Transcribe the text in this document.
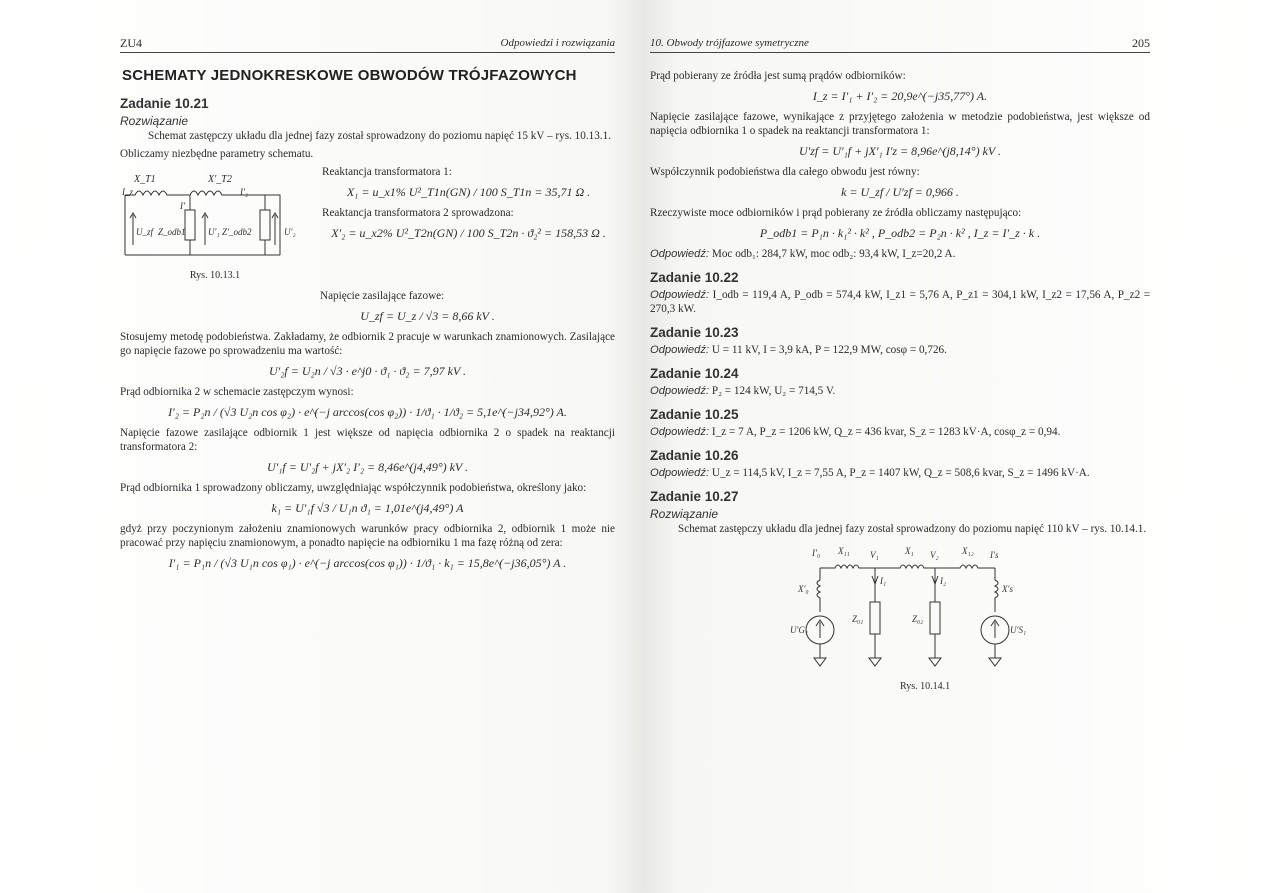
ZU4	Odpowiedzi i rozwiązania
SCHEMATY JEDNOKRESKOWE OBWODÓW TRÓJFAZOWYCH
Zadanie 10.21
Rozwiązanie

Schemat zastępczy układu dla jednej fazy został sprowadzony do poziomu napięć 15 kV – rys. 10.13.1.

Obliczamy niezbędne parametry schematu.

X_T1	X′_T2
I_z
I′
I′₂
U_zf Z_odb1 U′₁ Z′_odb2	U′₂
Rys. 10.13.1

Reaktancja transformatora 1:

X₁ = u_x1% U²_T1n(GN) / 100 S_T1n = 35,71 Ω .

Reaktancja transformatora 2 sprowadzona:

X′₂ = u_x2% U²_T2n(GN) / 100 S_T2n · ϑ₂² = 158,53 Ω .

Napięcie zasilające fazowe:

U_zf = U_z / √3 = 8,66 kV .

Stosujemy metodę podobieństwa. Zakładamy, że odbiornik 2 pracuje w warunkach znamionowych. Zasilające go napięcie fazowe po sprowadzeniu ma wartość:

U′₂f = U₂n / √3 · e^j0 · ϑ₁ · ϑ₂ = 7,97 kV .

Prąd odbiornika 2 w schemacie zastępczym wynosi:

I′₂ = P₂n / (√3 U₂n cos φ₂) · e^(−j arccos(cos φ₂)) · 1/ϑ₁ · 1/ϑ₂ = 5,1e^(−j34,92°) A.

Napięcie fazowe zasilające odbiornik 1 jest większe od napięcia odbiornika 2 o spadek na reaktancji transformatora 2:

U′₁f = U′₂f + jX′₂ I′₂ = 8,46e^(j4,49°) kV .

Prąd odbiornika 1 sprowadzony obliczamy, uwzględniając współczynnik podobieństwa, określony jako:

k₁ = U′₁f √3 / U₁n ϑ₁ = 1,01e^(j4,49°) A

gdyż przy poczynionym założeniu znamionowych warunków pracy odbiornika 2, odbiornik 1 może nie pracować przy napięciu znamionowym, a ponadto napięcie na odbiorniku 1 ma fazę różną od zera:

I′₁ = P₁n / (√3 U₁n cos φ₁) · e^(−j arccos(cos φ₁)) · 1/ϑ₁ · k₁ = 15,8e^(−j36,05°) A .
10. Obwody trójfazowe symetryczne	205

Prąd pobierany ze źródła jest sumą prądów odbiorników:

I_z = I′₁ + I′₂ = 20,9e^(−j35,77°) A.

Napięcie zasilające fazowe, wynikające z przyjętego założenia w metodzie podobieństwa, jest większe od napięcia odbiornika 1 o spadek na reaktancji transformatora 1:

U′zf = U′₁f + jX′₁ I′z = 8,96e^(j8,14°) kV .

Współczynnik podobieństwa dla całego obwodu jest równy:

k = U_zf / U′zf = 0,966 .

Rzeczywiste moce odbiorników i prąd pobierany ze źródła obliczamy następująco:

P_odb1 = P₁n · k₁² · k² , P_odb2 = P₂n · k² , I_z = I′_z · k .

Odpowiedź: Moc odb₁: 284,7 kW, moc odb₂: 93,4 kW, I_z=20,2 A.

Zadanie 10.22

Odpowiedź: I_odb = 119,4 A, P_odb = 574,4 kW, I_z1 = 5,76 A, P_z1 = 304,1 kW, I_z2 = 17,56 A, P_z2 = 270,3 kW.

Zadanie 10.23

Odpowiedź: U = 11 kV, I = 3,9 kA, P = 122,9 MW, cosφ = 0,726.

Zadanie 10.24

Odpowiedź: P₂ = 124 kW, U₂ = 714,5 V.

Zadanie 10.25

Odpowiedź: I_z = 7 A, P_z = 1206 kW, Q_z = 436 kvar, S_z = 1283 kV·A, cosφ_z = 0,94.

Zadanie 10.26

Odpowiedź: U_z = 114,5 kV, I_z = 7,55 A, P_z = 1407 kW, Q_z = 508,6 kvar, S_z = 1496 kV·A.

Zadanie 10.27
Rozwiązanie

Schemat zastępczy układu dla jednej fazy został sprowadzony do poziomu napięć 110 kV – rys. 10.14.1.

I′₀ X₁₁ V₁	X₁ V₂	X₁₂ I′s
X′₀	X′s
I₁	I₂
Z₀₁	Z₀₂
U′G₁	U′S₁
Rys. 10.14.1
